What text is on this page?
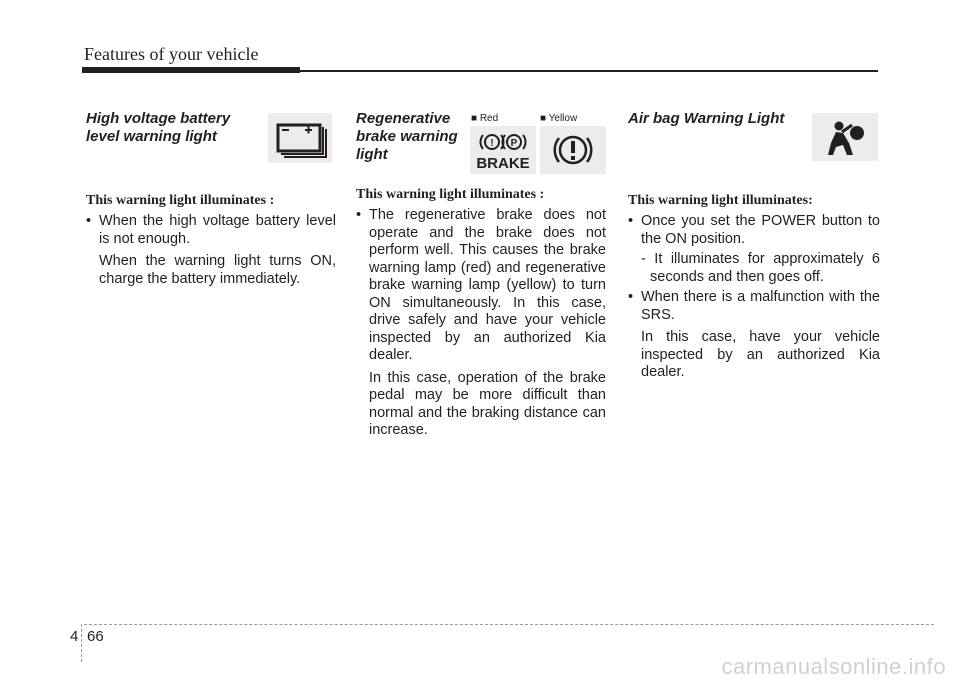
Features of your vehicle
High voltage battery
level warning light
This warning light illuminates :
• When the high voltage battery level is not enough.
When the warning light turns ON, charge the battery immediately.
Regenerative
brake warning
light
This warning light illuminates :
• The regenerative brake does not operate and the brake does not perform well. This causes the brake warning lamp (red) and regenerative brake warning lamp (yellow) to turn ON simultaneously. In this case, drive safely and have your vehicle inspected by an authorized Kia dealer.
In this case, operation of the brake pedal may be more difficult than normal and the braking distance can increase.
■ Red	■ Yellow
! P
BRAKE
Air bag Warning Light
This warning light illuminates:
• Once you set the POWER button to the ON position.
- It illuminates for approximately 6 seconds and then goes off.
• When there is a malfunction with the SRS.
In this case, have your vehicle inspected by an authorized Kia dealer.
4 66
carmanualsonline.info
